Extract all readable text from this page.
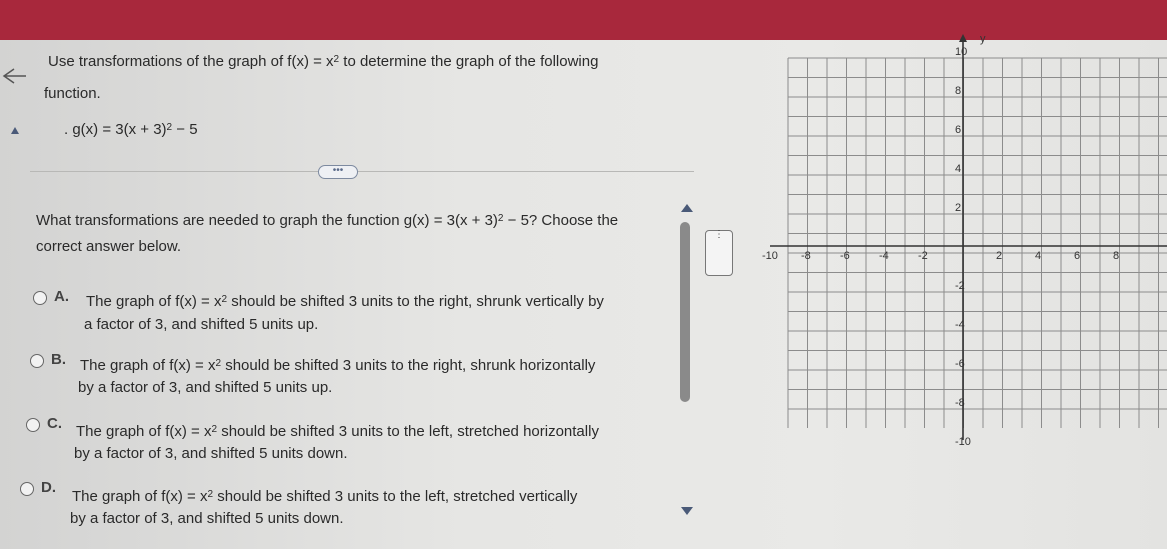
Use transformations of the graph of $f(x) = x^2$ to determine the graph of the following
function.
. $g(x) = 3(x + 3)^2 - 5$
•••
What transformations are needed to graph the function $g(x) = 3(x + 3)^2 - 5$? Choose the
correct answer below.
A. The graph of $f(x) = x^2$ should be shifted 3 units to the right, shrunk vertically by
a factor of 3, and shifted 5 units up.
B. The graph of $f(x) = x^2$ should be shifted 3 units to the right, shrunk horizontally
by a factor of 3, and shifted 5 units up.
C. The graph of $f(x) = x^2$ should be shifted 3 units to the left, stretched horizontally
by a factor of 3, and shifted 5 units down.
D.
The graph of $f(x) = x^2$ should be shifted 3 units to the left, stretched vertically
by a factor of 3, and shifted 5 units down.
⋮
-10 -8	-6	-4	-2	2	4	6	8
10
8
6
4
2
-2
-4
-6
-8
-10
y
